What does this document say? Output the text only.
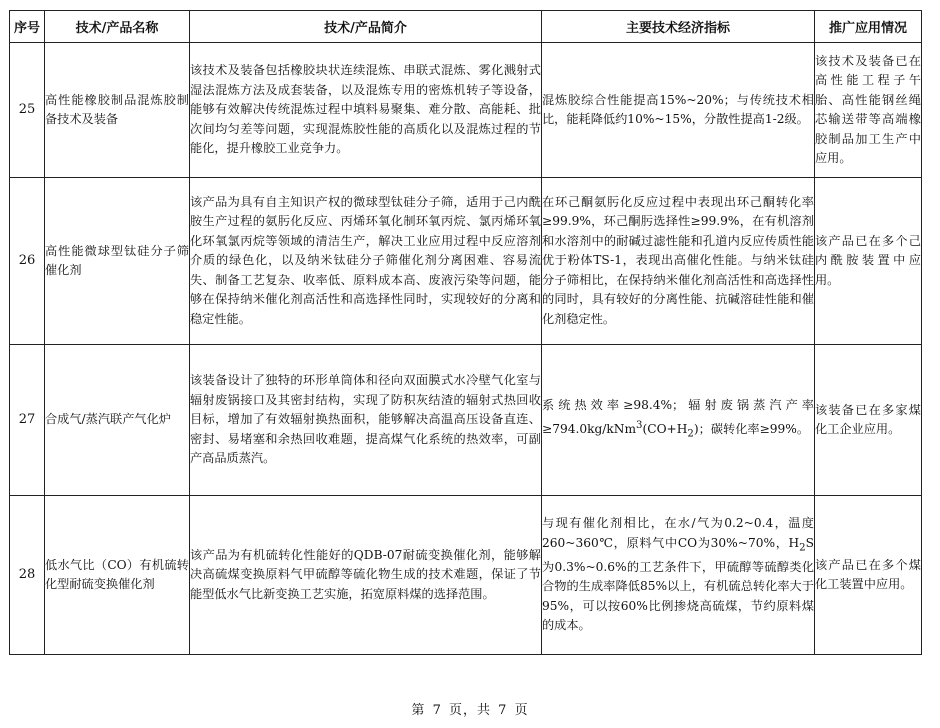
序号	技术/产品名称	技术/产品简介	主要技术经济指标	推广应用情况
25	高性能橡胶制品混炼胶制备技术及装备	该技术及装备包括橡胶块状连续混炼、串联式混炼、雾化溅射式湿法混炼方法及成套装备，以及混炼专用的密炼机转子等设备，能够有效解决传统混炼过程中填料易聚集、难分散、高能耗、批次间均匀差等问题，实现混炼胶性能的高质化以及混炼过程的节能化，提升橡胶工业竞争力。	混炼胶综合性能提高15%~20%；与传统技术相比，能耗降低约10%~15%，分散性提高1-2级。	该技术及装备已在高性能工程子午胎、高性能钢丝绳芯输送带等高端橡胶制品加工生产中应用。
26	高性能微球型钛硅分子筛催化剂	该产品为具有自主知识产权的微球型钛硅分子筛，适用于己内酰胺生产过程的氨肟化反应、丙烯环氧化制环氧丙烷、氯丙烯环氧化环氧氯丙烷等领域的清洁生产，解决工业应用过程中反应溶剂介质的绿色化，以及纳米钛硅分子筛催化剂分离困难、容易流失、制备工艺复杂、收率低、原料成本高、废液污染等问题，能够在保持纳米催化剂高活性和高选择性同时，实现较好的分离和稳定性能。	在环己酮氨肟化反应过程中表现出环己酮转化率≥99.9%，环己酮肟选择性≥99.9%，在有机溶剂和水溶剂中的耐碱过滤性能和孔道内反应传质性能优于粉体TS-1，表现出高催化性能。与纳米钛硅分子筛相比，在保持纳米催化剂高活性和高选择性的同时，具有较好的分离性能、抗碱溶硅性能和催化剂稳定性。	该产品已在多个己内酰胺装置中应用。
27	合成气/蒸汽联产气化炉	该装备设计了独特的环形单筒体和径向双面膜式水冷壁气化室与辐射废锅接口及其密封结构，实现了防积灰结渣的辐射式热回收目标，增加了有效辐射换热面积，能够解决高温高压设备直连、密封、易堵塞和余热回收难题，提高煤气化系统的热效率，可副产高品质蒸汽。	系统热效率≥98.4%；辐射废锅蒸汽产率$\ge 794.0kg/kNm^3(CO+H_2)$；碳转化率≥99%。	该装备已在多家煤化工企业应用。
28	低水气比（CO）有机硫转化型耐硫变换催化剂	该产品为有机硫转化性能好的QDB-07耐硫变换催化剂，能够解决高硫煤变换原料气甲硫醇等硫化物生成的技术难题，保证了节能型低水气比新变换工艺实施，拓宽原料煤的选择范围。	与现有催化剂相比，在水/气为0.2~0.4，温度260~360℃，原料气中CO为30%~70%，$H_2S$为0.3%~0.6%的工艺条件下，甲硫醇等硫醇类化合物的生成率降低85%以上，有机硫总转化率大于95%，可以按60%比例掺烧高硫煤，节约原料煤的成本。	该产品已在多个煤化工装置中应用。
第 7 页，共 7 页
